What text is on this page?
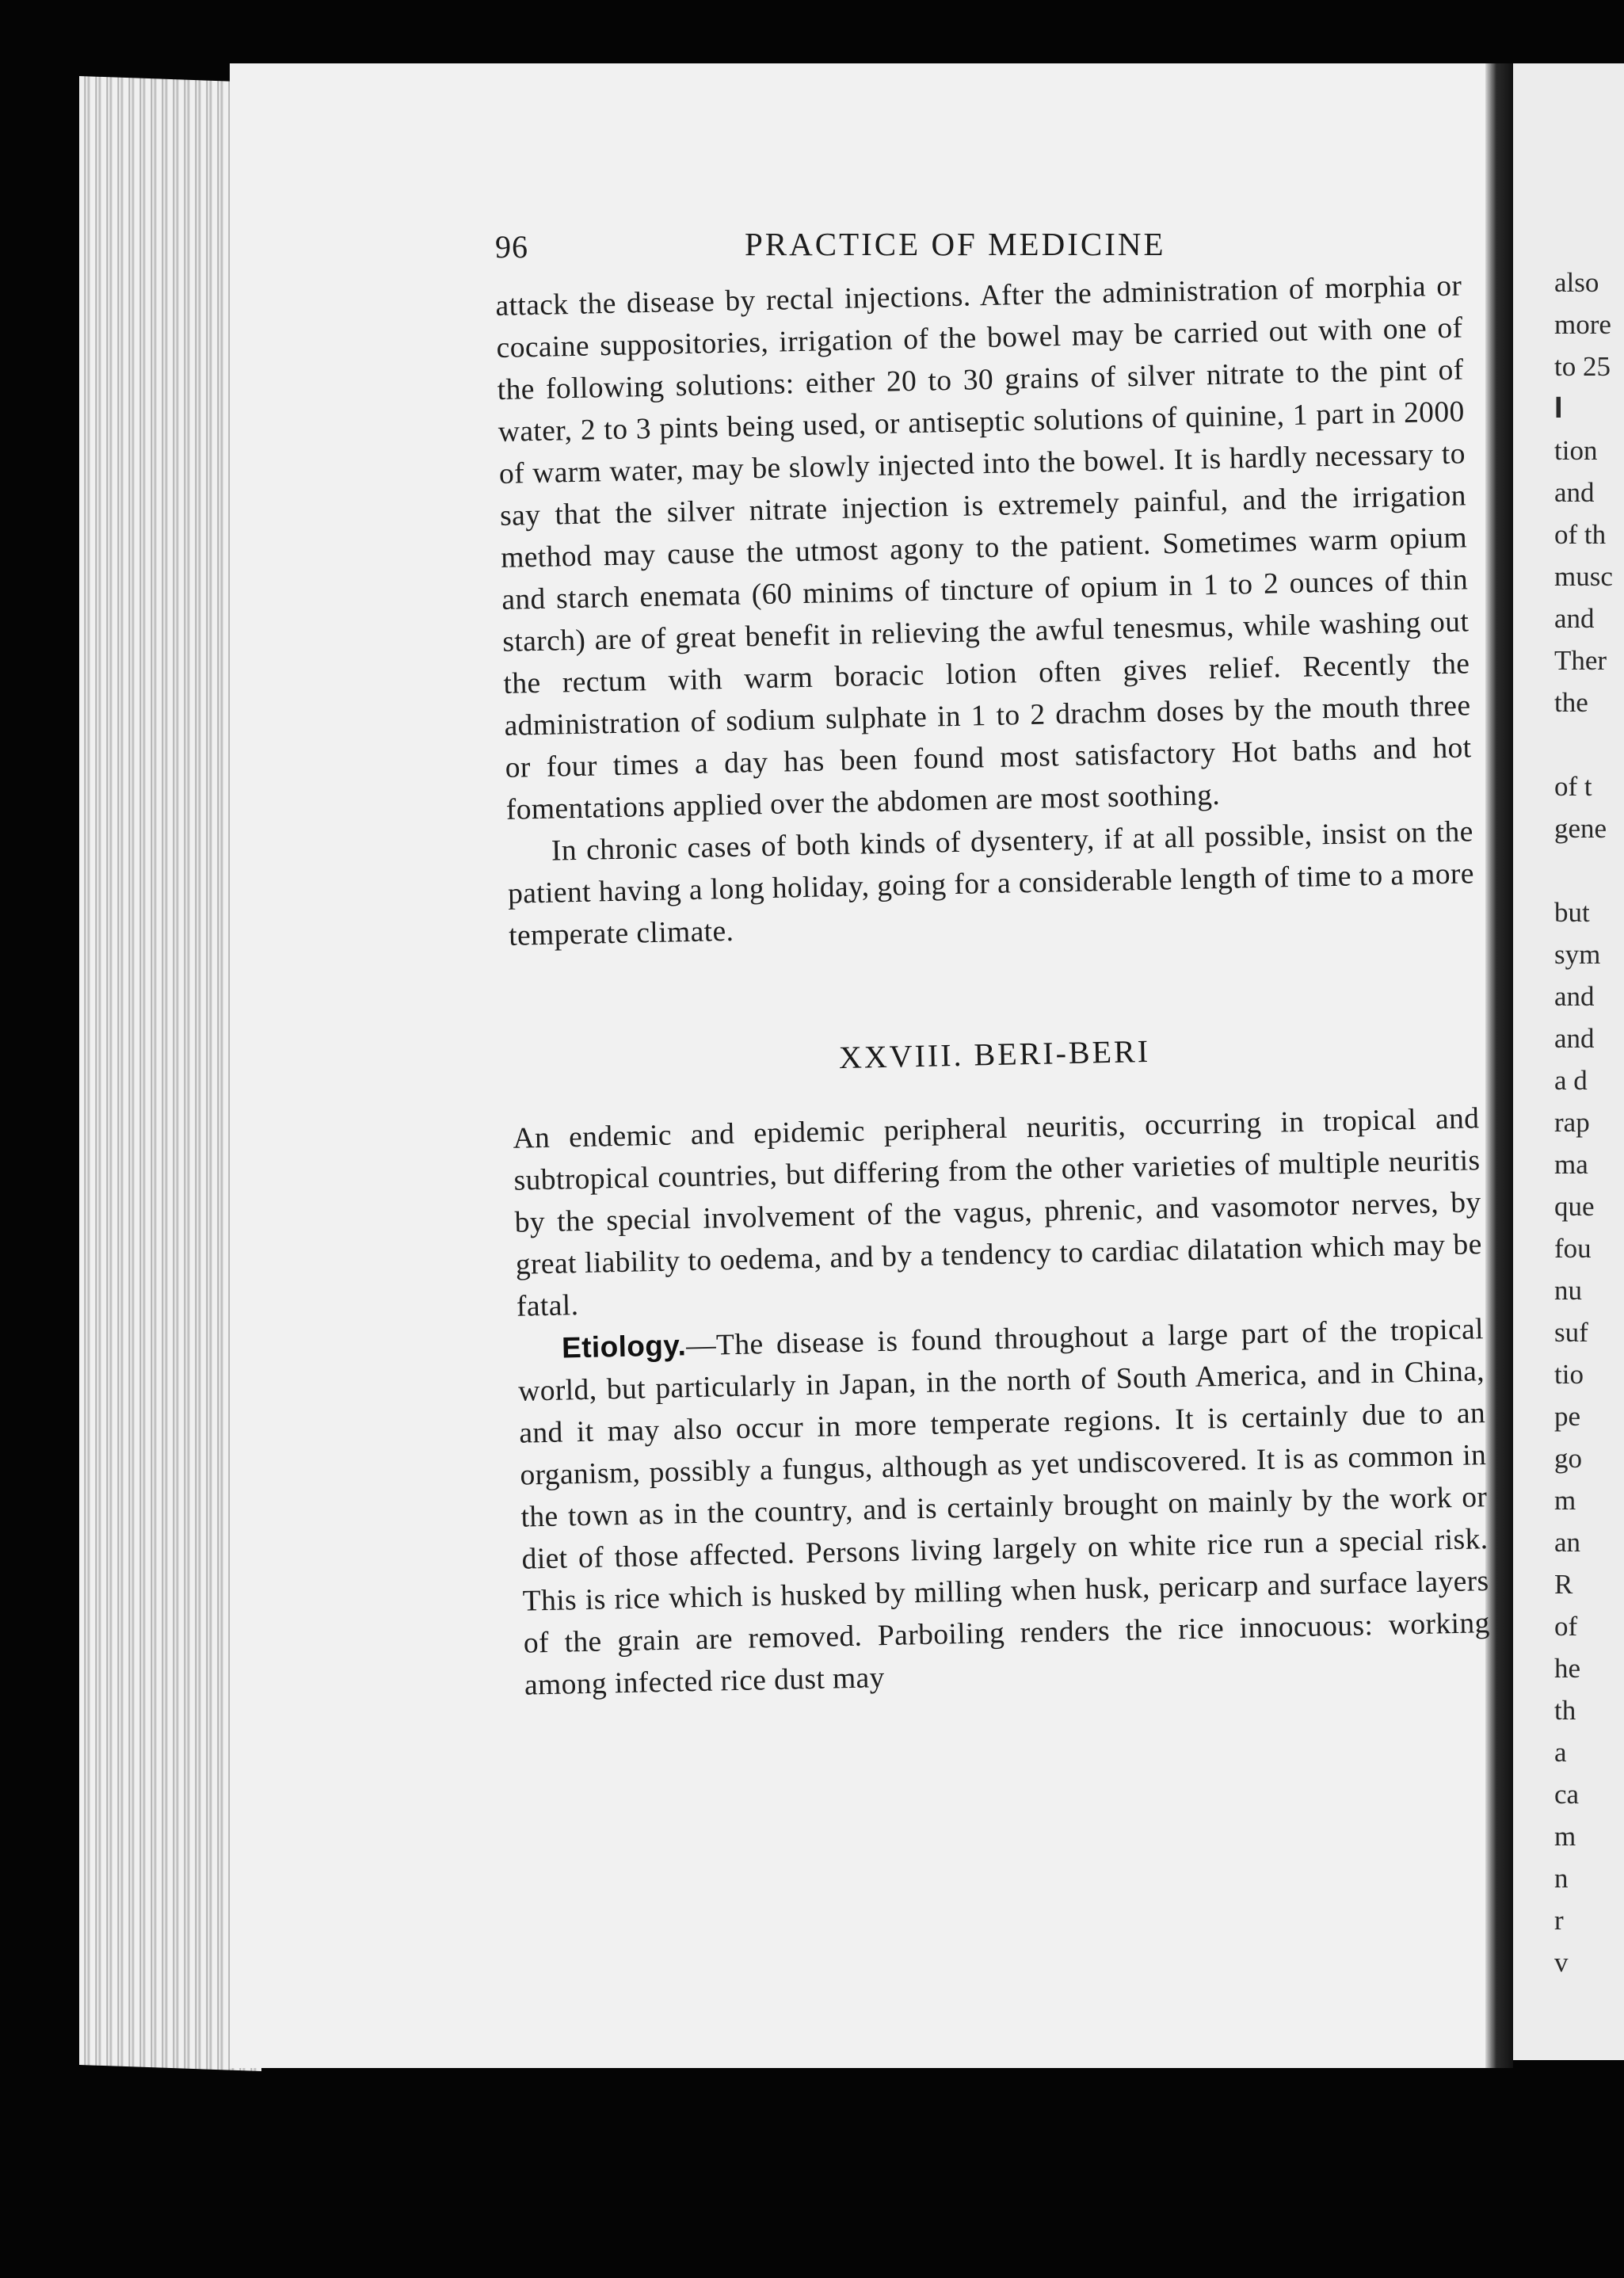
96	PRACTICE OF MEDICINE

attack the disease by rectal injections. After the administration of morphia or cocaine suppositories, irrigation of the bowel may be carried out with one of the following solutions: either 20 to 30 grains of silver nitrate to the pint of water, 2 to 3 pints being used, or antiseptic solutions of quinine, 1 part in 2000 of warm water, may be slowly injected into the bowel. It is hardly necessary to say that the silver nitrate injection is extremely painful, and the irrigation method may cause the utmost agony to the patient. Sometimes warm opium and starch enemata (60 minims of tincture of opium in 1 to 2 ounces of thin starch) are of great benefit in relieving the awful tenesmus, while washing out the rectum with warm boracic lotion often gives relief. Recently the administration of sodium sulphate in 1 to 2 drachm doses by the mouth three or four times a day has been found most satisfactory Hot baths and hot fomentations applied over the abdomen are most soothing.

In chronic cases of both kinds of dysentery, if at all possible, insist on the patient having a long holiday, going for a considerable length of time to a more temperate climate.

XXVIII. BERI-BERI

An endemic and epidemic peripheral neuritis, occurring in tropical and subtropical countries, but differing from the other varieties of multiple neuritis by the special involvement of the vagus, phrenic, and vasomotor nerves, by great liability to oedema, and by a tendency to cardiac dilatation which may be fatal.

Etiology.—The disease is found throughout a large part of the tropical world, but particularly in Japan, in the north of South America, and in China, and it may also occur in more temperate regions. It is certainly due to an organism, possibly a fungus, although as yet undiscovered. It is as common in the town as in the country, and is certainly brought on mainly by the work or diet of those affected. Persons living largely on white rice run a special risk. This is rice which is husked by milling when husk, pericarp and surface layers of the grain are removed. Parboiling renders the rice innocuous: working among infected rice dust may

also
more
to 25
I
tion
and
of th
musc
and
Ther
the

of t
gene

but
sym
and
and
a d
rap
ma
que
fou
nu
suf
tio
pe
go
m
an
R
of
he
th
a
ca
m
n
r
v
